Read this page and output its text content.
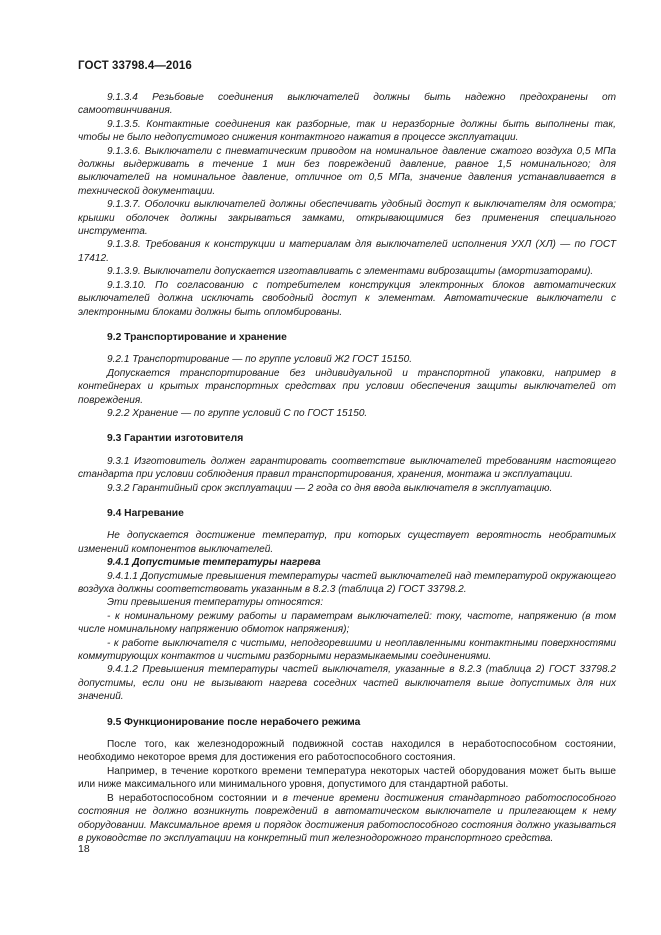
ГОСТ 33798.4—2016

9.1.3.4 Резьбовые соединения выключателей должны быть надежно предохранены от самоотвинчивания.

9.1.3.5. Контактные соединения как разборные, так и неразборные должны быть выполнены так, чтобы не было недопустимого снижения контактного нажатия в процессе эксплуатации.

9.1.3.6. Выключатели с пневматическим приводом на номинальное давление сжатого воздуха 0,5 МПа должны выдерживать в течение 1 мин без повреждений давление, равное 1,5 номинального; для выключателей на номинальное давление, отличное от 0,5 МПа, значение давления устанавливается в технической документации.

9.1.3.7. Оболочки выключателей должны обеспечивать удобный доступ к выключателям для осмотра; крышки оболочек должны закрываться замками, открывающимися без применения специального инструмента.

9.1.3.8. Требования к конструкции и материалам для выключателей исполнения УХЛ (ХЛ) — по ГОСТ 17412.

9.1.3.9. Выключатели допускается изготавливать с элементами виброзащиты (амортизаторами).

9.1.3.10. По согласованию с потребителем конструкция электронных блоков автоматических выключателей должна исключать свободный доступ к элементам. Автоматические выключатели с электронными блоками должны быть опломбированы.

9.2 Транспортирование и хранение

9.2.1 Транспортирование — по группе условий Ж2 ГОСТ 15150.

Допускается транспортирование без индивидуальной и транспортной упаковки, например в контейнерах и крытых транспортных средствах при условии обеспечения защиты выключателей от повреждения.

9.2.2 Хранение — по группе условий С по ГОСТ 15150.

9.3 Гарантии изготовителя

9.3.1 Изготовитель должен гарантировать соответствие выключателей требованиям настоящего стандарта при условии соблюдения правил транспортирования, хранения, монтажа и эксплуатации.

9.3.2 Гарантийный срок эксплуатации — 2 года со дня ввода выключателя в эксплуатацию.

9.4 Нагревание

Не допускается достижение температур, при которых существует вероятность необратимых изменений компонентов выключателей.

9.4.1 Допустимые температуры нагрева

9.4.1.1 Допустимые превышения температуры частей выключателей над температурой окружающего воздуха должны соответствовать указанным в 8.2.3 (таблица 2) ГОСТ 33798.2.

Эти превышения температуры относятся:

- к номинальному режиму работы и параметрам выключателей: току, частоте, напряжению (в том числе номинальному напряжению обмоток напряжения);

- к работе выключателя с чистыми, неподгоревшими и неоплавленными контактными поверхностями коммутирующих контактов и чистыми разборными неразмыкаемыми соединениями.

9.4.1.2 Превышения температуры частей выключателя, указанные в 8.2.3 (таблица 2) ГОСТ 33798.2 допустимы, если они не вызывают нагрева соседних частей выключателя выше допустимых для них значений.

9.5 Функционирование после нерабочего режима

После того, как железнодорожный подвижной состав находился в неработоспособном состоянии, необходимо некоторое время для достижения его работоспособного состояния.

Например, в течение короткого времени температура некоторых частей оборудования может быть выше или ниже максимального или минимального уровня, допустимого для стандартной работы.

В неработоспособном состоянии и в течение времени достижения стандартного работоспособного состояния не должно возникнуть повреждений в автоматическом выключателе и прилегающем к нему оборудовании. Максимальное время и порядок достижения работоспособного состояния должно указываться в руководстве по эксплуатации на конкретный тип железнодорожного транспортного средства.

18
